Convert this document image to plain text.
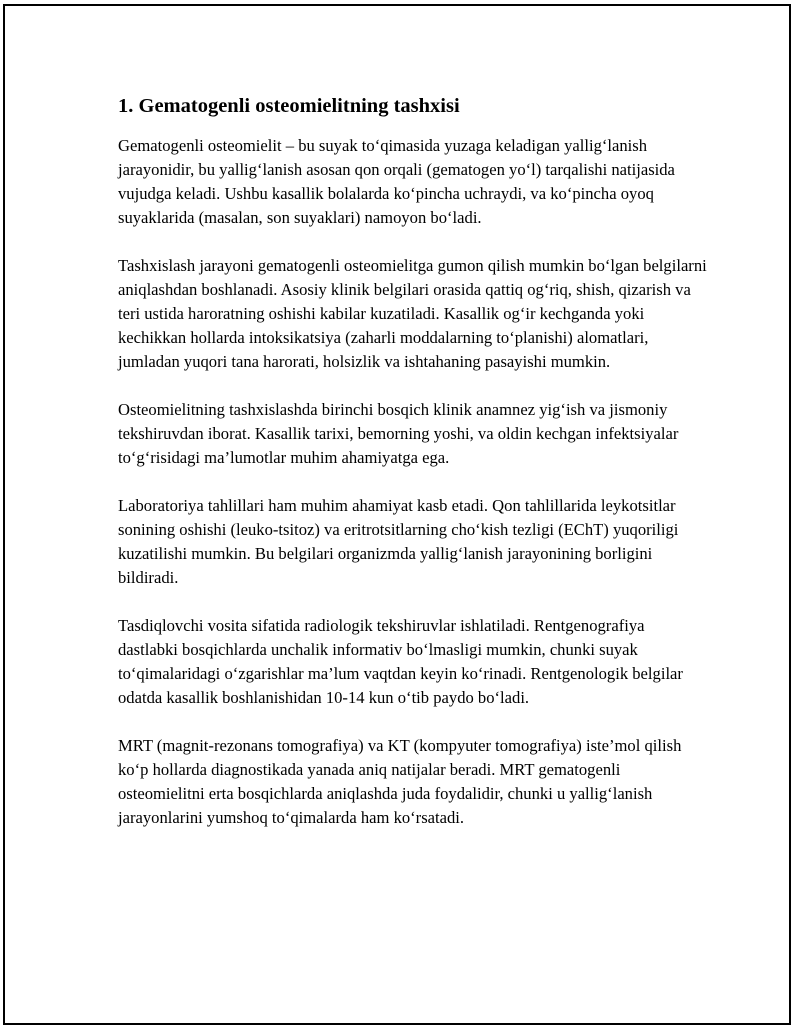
1. Gematogenli osteomielitning tashxisi

Gematogenli osteomielit – bu suyak to‘qimasida yuzaga keladigan yallig‘lanish jarayonidir, bu yallig‘lanish asosan qon orqali (gematogen yo‘l) tarqalishi natijasida vujudga keladi. Ushbu kasallik bolalarda ko‘pincha uchraydi, va ko‘pincha oyoq suyaklarida (masalan, son suyaklari) namoyon bo‘ladi.

Tashxislash jarayoni gematogenli osteomielitga gumon qilish mumkin bo‘lgan belgilarni aniqlashdan boshlanadi. Asosiy klinik belgilari orasida qattiq og‘riq, shish, qizarish va teri ustida haroratning oshishi kabilar kuzatiladi. Kasallik og‘ir kechganda yoki kechikkan hollarda intoksikatsiya (zaharli moddalarning to‘planishi) alomatlari, jumladan yuqori tana harorati, holsizlik va ishtahaning pasayishi mumkin.

Osteomielitning tashxislashda birinchi bosqich klinik anamnez yig‘ish va jismoniy tekshiruvdan iborat. Kasallik tarixi, bemorning yoshi, va oldin kechgan infektsiyalar to‘g‘risidagi ma’lumotlar muhim ahamiyatga ega.

Laboratoriya tahlillari ham muhim ahamiyat kasb etadi. Qon tahlillarida leykotsitlar sonining oshishi (leuko-tsitoz) va eritrotsitlarning cho‘kish tezligi (EChT) yuqoriligi kuzatilishi mumkin. Bu belgilari organizmda yallig‘lanish jarayonining borligini bildiradi.

Tasdiqlovchi vosita sifatida radiologik tekshiruvlar ishlatiladi. Rentgenografiya dastlabki bosqichlarda unchalik informativ bo‘lmasligi mumkin, chunki suyak to‘qimalaridagi o‘zgarishlar ma’lum vaqtdan keyin ko‘rinadi. Rentgenologik belgilar odatda kasallik boshlanishidan 10-14 kun o‘tib paydo bo‘ladi.

MRT (magnit-rezonans tomografiya) va KT (kompyuter tomografiya) iste’mol qilish ko‘p hollarda diagnostikada yanada aniq natijalar beradi. MRT gematogenli osteomielitni erta bosqichlarda aniqlashda juda foydalidir, chunki u yallig‘lanish jarayonlarini yumshoq to‘qimalarda ham ko‘rsatadi.
